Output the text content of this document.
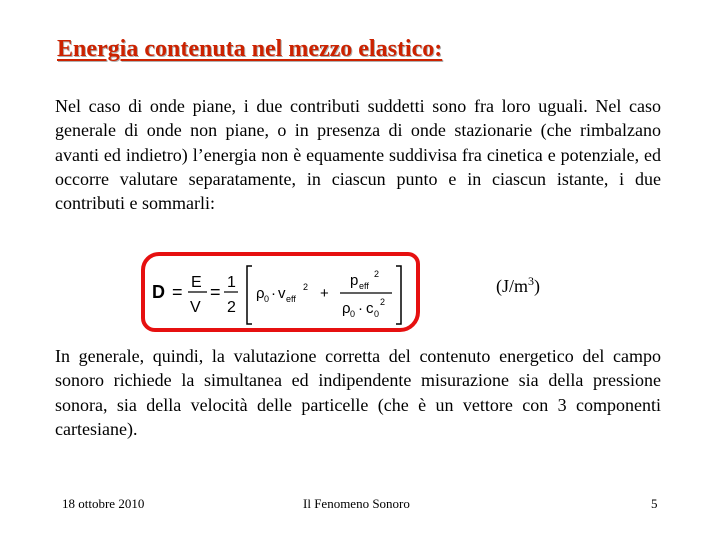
Energia contenuta nel mezzo elastico:
Nel caso di onde piane, i due contributi suddetti sono fra loro uguali. Nel caso generale di onde non piane, o in presenza di onde stazionarie (che rimbalzano avanti ed indietro) l’energia non è equamente suddivisa fra cinetica e potenziale, ed occorre valutare separatamente, in ciascun punto e in ciascun istante, i due contributi e sommarli:
D = E
V
= 1
2
ρ 0 · v eff
2 +
p eff
2
ρ 0 · c 0
2
$(J/m^3)$
In generale, quindi, la valutazione corretta del contenuto energetico del campo sonoro richiede la simultanea ed indipendente misurazione sia della pressione sonora, sia della velocità delle particelle (che è un vettore con 3 componenti cartesiane).
18 ottobre 2010	Il Fenomeno Sonoro	5
